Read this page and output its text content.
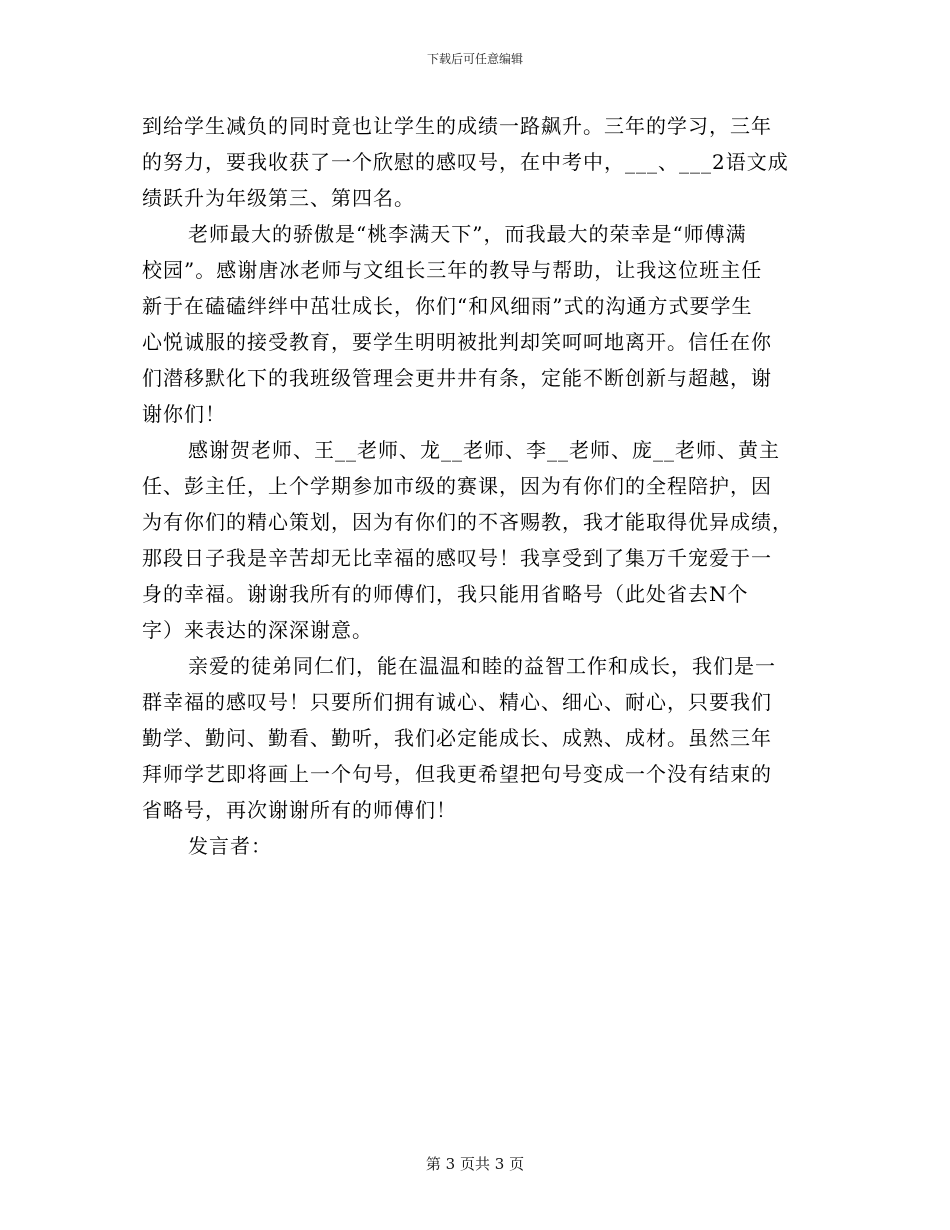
下载后可任意编辑

到给学生减负的同时竟也让学生的成绩一路飙升。三年的学习，三年

的努力，要我收获了一个欣慰的感叹号，在中考中，___、___2语文成

绩跃升为年级第三、第四名。

老师最大的骄傲是“桃李满天下”，而我最大的荣幸是“师傅满

校园”。感谢唐冰老师与文组长三年的教导与帮助，让我这位班主任

新于在磕磕绊绊中茁壮成长，你们“和风细雨”式的沟通方式要学生

心悦诚服的接受教育，要学生明明被批判却笑呵呵地离开。信任在你

们潜移默化下的我班级管理会更井井有条，定能不断创新与超越，谢

谢你们！

感谢贺老师、王__老师、龙__老师、李__老师、庞__老师、黄主

任、彭主任，上个学期参加市级的赛课，因为有你们的全程陪护，因

为有你们的精心策划，因为有你们的不吝赐教，我才能取得优异成绩，

那段日子我是辛苦却无比幸福的感叹号！我享受到了集万千宠爱于一

身的幸福。谢谢我所有的师傅们，我只能用省略号（此处省去N个

字）来表达的深深谢意。

亲爱的徒弟同仁们，能在温温和睦的益智工作和成长，我们是一

群幸福的感叹号！只要所们拥有诚心、精心、细心、耐心，只要我们

勤学、勤问、勤看、勤听，我们必定能成长、成熟、成材。虽然三年

拜师学艺即将画上一个句号，但我更希望把句号变成一个没有结束的

省略号，再次谢谢所有的师傅们！

发言者：

第 3 页共 3 页
